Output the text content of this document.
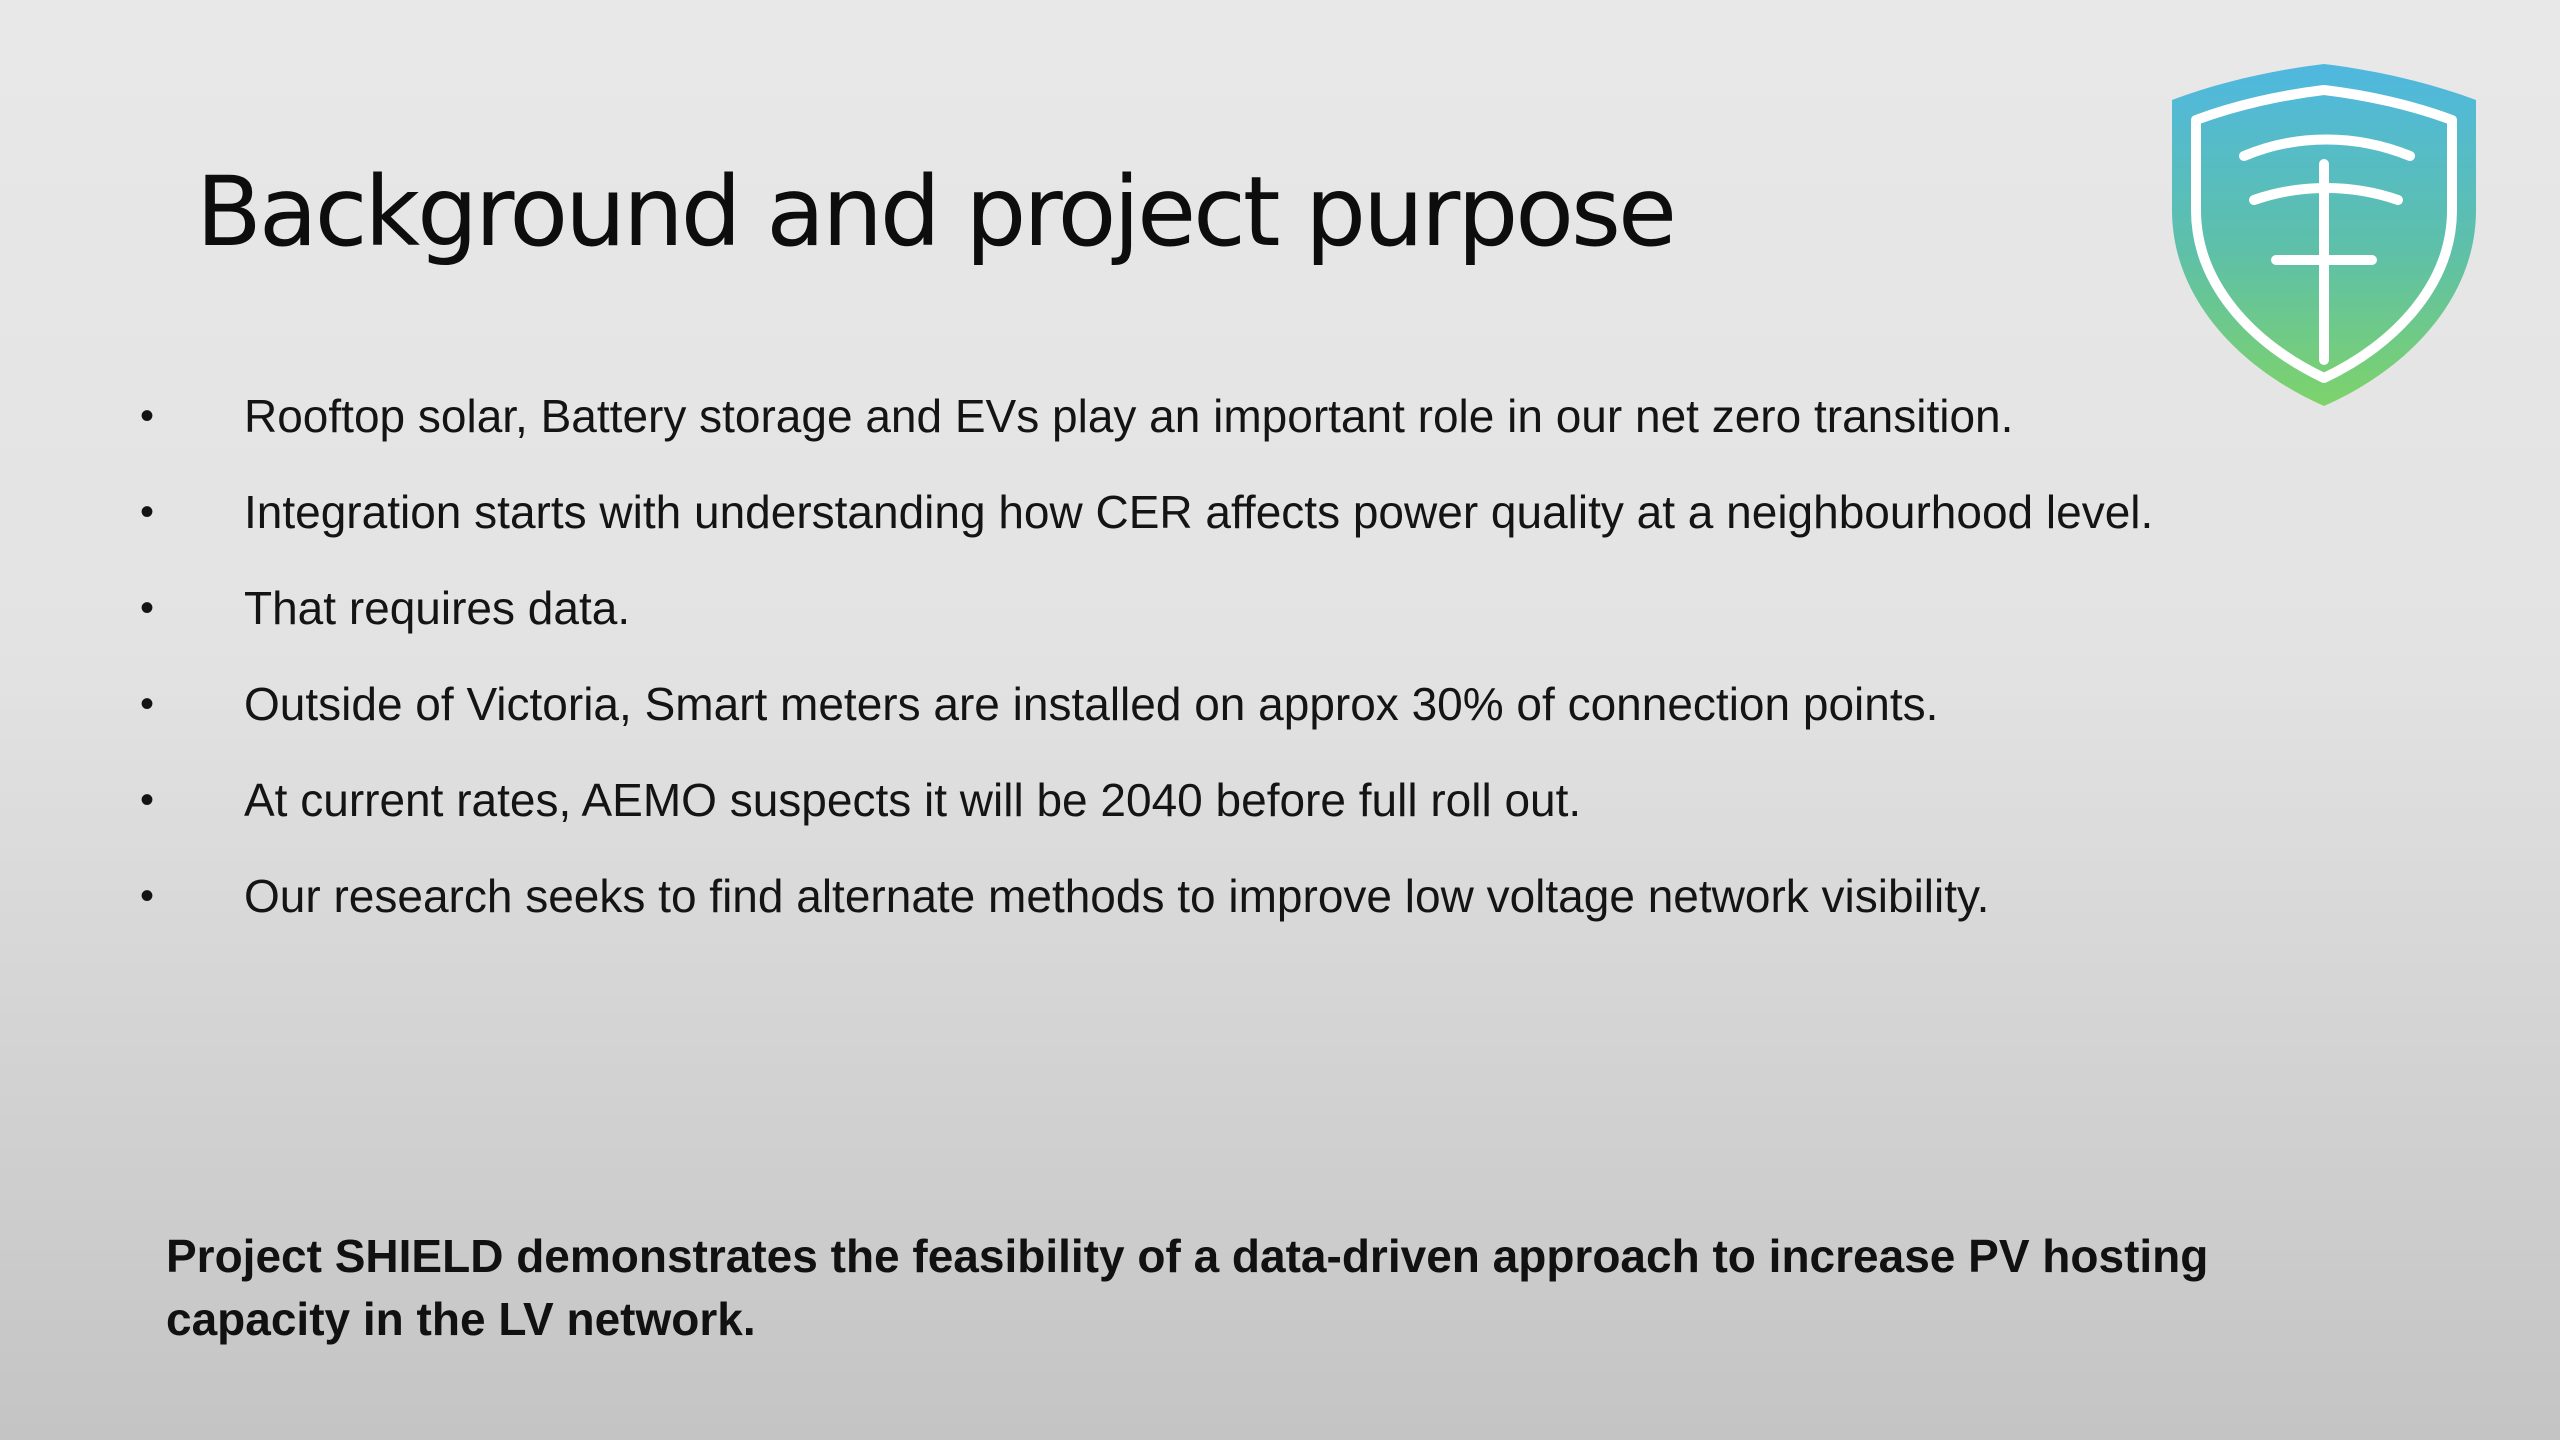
Background and project purpose
•	Rooftop solar, Battery storage and EVs play an important role in our net zero transition.
•	Integration starts with understanding how CER affects power quality at a neighbourhood level.
•	That requires data.
•	Outside of Victoria, Smart meters are installed on approx 30% of connection points.
•	At current rates, AEMO suspects it will be 2040 before full roll out.
•	Our research seeks to find alternate methods to improve low voltage network visibility.

Project SHIELD demonstrates the feasibility of a data-driven approach to increase PV hosting capacity in the LV network.
